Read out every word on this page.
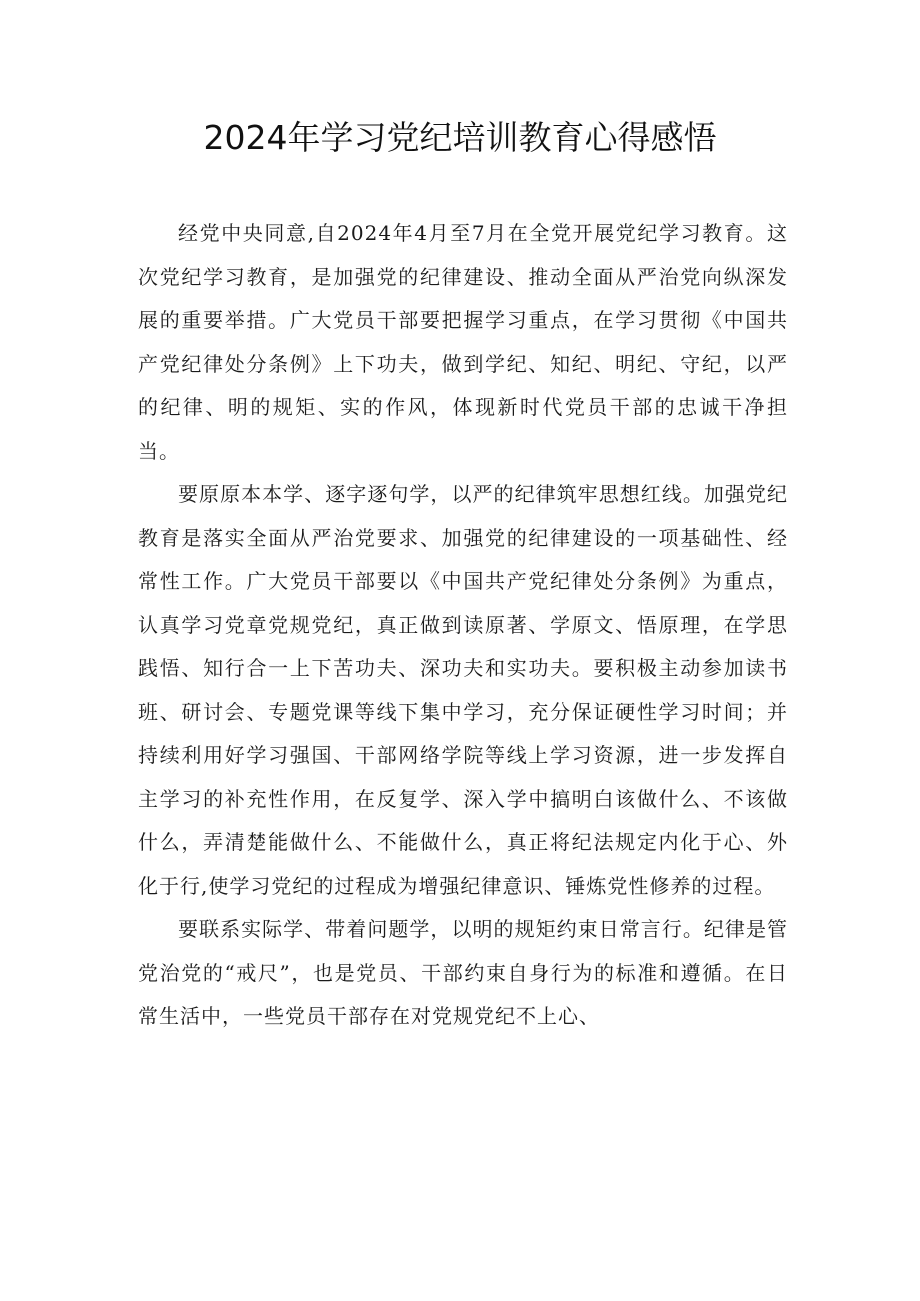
2024年学习党纪培训教育心得感悟

经党中央同意,自2024年4月至7月在全党开展党纪学习教育。这次党纪学习教育，是加强党的纪律建设、推动全面从严治党向纵深发展的重要举措。广大党员干部要把握学习重点，在学习贯彻《中国共产党纪律处分条例》上下功夫，做到学纪、知纪、明纪、守纪，以严的纪律、明的规矩、实的作风，体现新时代党员干部的忠诚干净担当。

要原原本本学、逐字逐句学，以严的纪律筑牢思想红线。加强党纪教育是落实全面从严治党要求、加强党的纪律建设的一项基础性、经常性工作。广大党员干部要以《中国共产党纪律处分条例》为重点，认真学习党章党规党纪，真正做到读原著、学原文、悟原理，在学思践悟、知行合一上下苦功夫、深功夫和实功夫。要积极主动参加读书班、研讨会、专题党课等线下集中学习，充分保证硬性学习时间；并持续利用好学习强国、干部网络学院等线上学习资源，进一步发挥自主学习的补充性作用，在反复学、深入学中搞明白该做什么、不该做什么，弄清楚能做什么、不能做什么，真正将纪法规定内化于心、外化于行,使学习党纪的过程成为增强纪律意识、锤炼党性修养的过程。

要联系实际学、带着问题学，以明的规矩约束日常言行。纪律是管党治党的“戒尺”，也是党员、干部约束自身行为的标准和遵循。在日常生活中，一些党员干部存在对党规党纪不上心、
